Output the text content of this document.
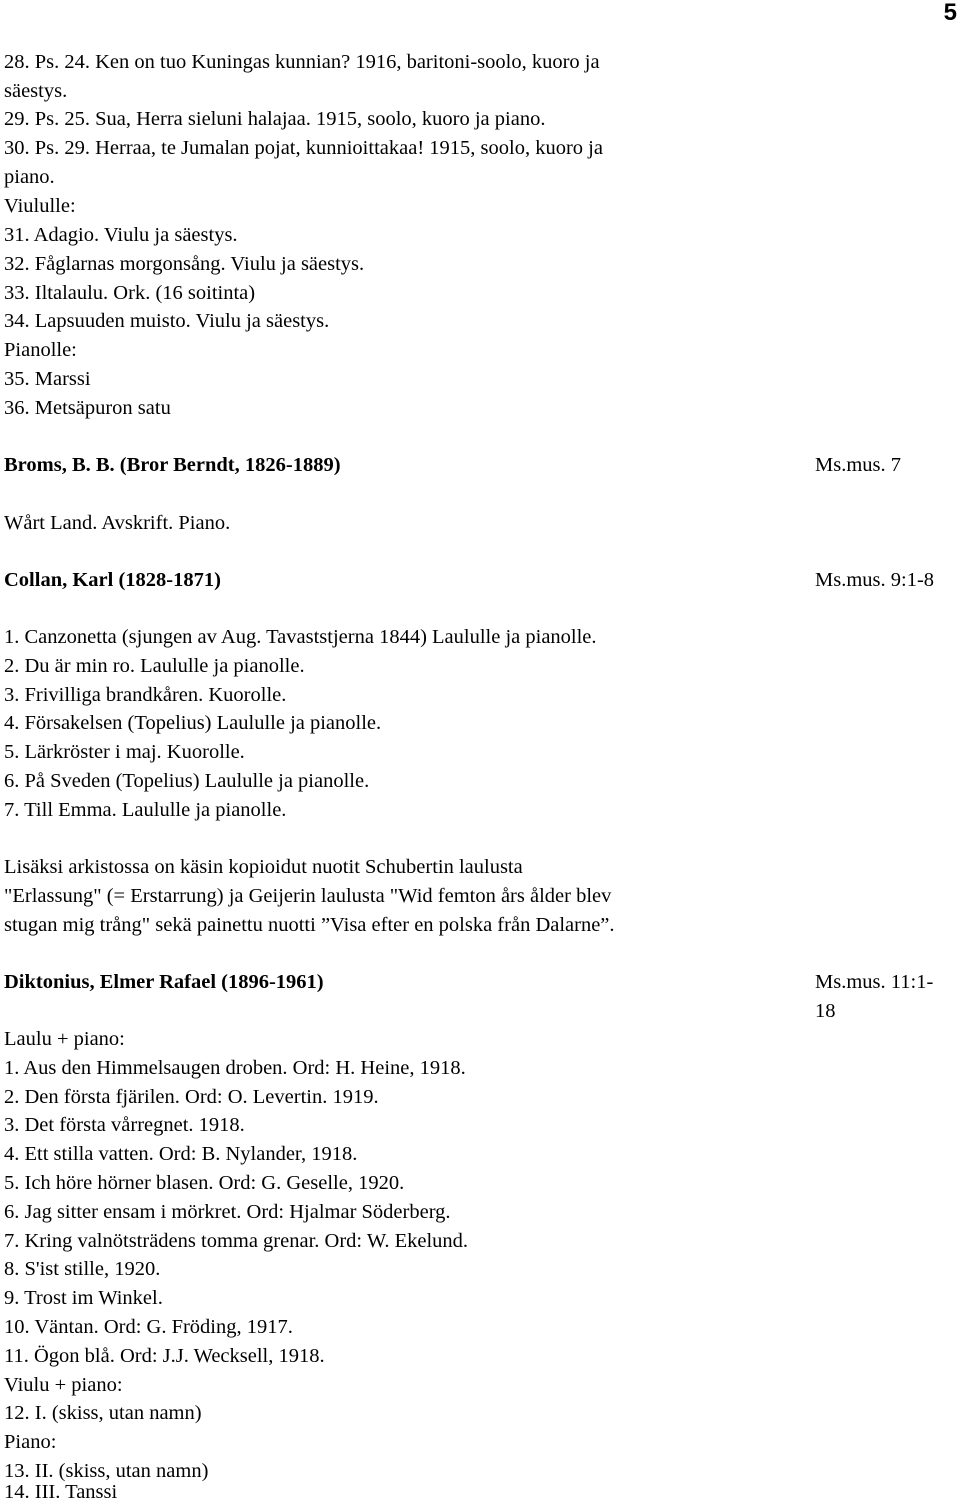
5
28. Ps. 24. Ken on tuo Kuningas kunnian? 1916, baritoni-soolo, kuoro ja
säestys.
29. Ps. 25. Sua, Herra sieluni halajaa. 1915, soolo, kuoro ja piano.
30. Ps. 29. Herraa, te Jumalan pojat, kunnioittakaa! 1915, soolo, kuoro ja
piano.
Viululle:
31. Adagio. Viulu ja säestys.
32. Fåglarnas morgonsång. Viulu ja säestys.
33. Iltalaulu. Ork. (16 soitinta)
34. Lapsuuden muisto. Viulu ja säestys.
Pianolle:
35. Marssi
36. Metsäpuron satu
Broms, B. B. (Bror Berndt, 1826-1889)	Ms.mus. 7
Wårt Land. Avskrift. Piano.
Collan, Karl (1828-1871)	Ms.mus. 9:1-8
1. Canzonetta (sjungen av Aug. Tavaststjerna 1844) Laululle ja pianolle.
2. Du är min ro. Laululle ja pianolle.
3. Frivilliga brandkåren. Kuorolle.
4. Försakelsen (Topelius) Laululle ja pianolle.
5. Lärkröster i maj. Kuorolle.
6. På Sveden (Topelius) Laululle ja pianolle.
7. Till Emma. Laululle ja pianolle.
Lisäksi arkistossa on käsin kopioidut nuotit Schubertin laulusta
"Erlassung" (= Erstarrung) ja Geijerin laulusta "Wid femton års ålder blev
stugan mig trång" sekä painettu nuotti ”Visa efter en polska från Dalarne”.
Diktonius, Elmer Rafael (1896-1961)	Ms.mus. 11:1-
18
Laulu + piano:
1. Aus den Himmelsaugen droben. Ord: H. Heine, 1918.
2. Den första fjärilen. Ord: O. Levertin. 1919.
3. Det första vårregnet. 1918.
4. Ett stilla vatten. Ord: B. Nylander, 1918.
5. Ich höre hörner blasen. Ord: G. Geselle, 1920.
6. Jag sitter ensam i mörkret. Ord: Hjalmar Söderberg.
7. Kring valnötsträdens tomma grenar. Ord: W. Ekelund.
8. S'ist stille, 1920.
9. Trost im Winkel.
10. Väntan. Ord: G. Fröding, 1917.
11. Ögon blå. Ord: J.J. Wecksell, 1918.
Viulu + piano:
12. I. (skiss, utan namn)
Piano:
13. II. (skiss, utan namn)
14. III. Tanssi
